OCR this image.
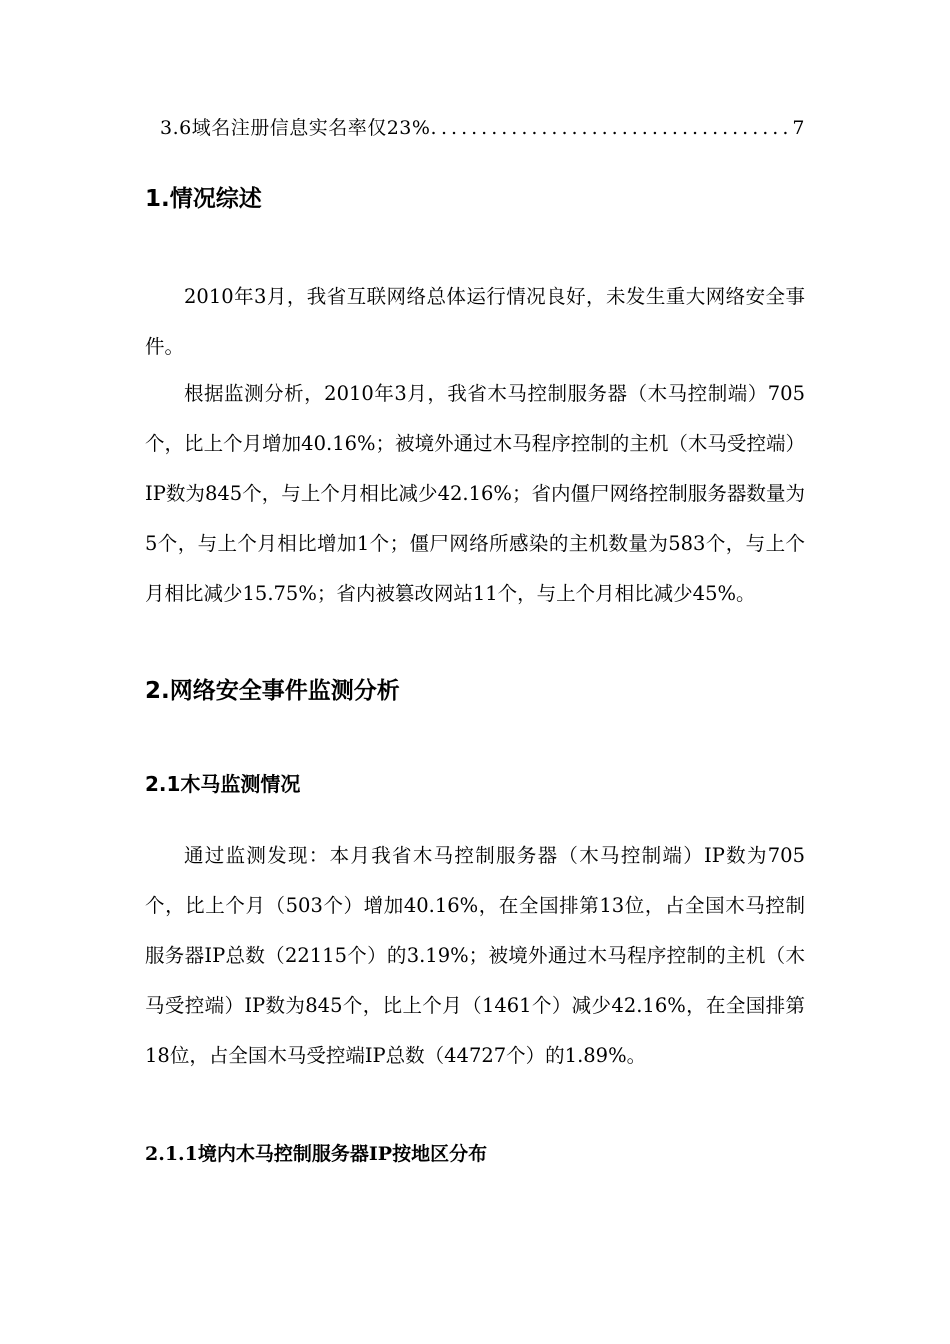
3.6域名注册信息实名率仅23%.
.....	7
1.情况综述

2010年3月，我省互联网络总体运行情况良好，未发生重大网络安全事件。

根据监测分析，2010年3月，我省木马控制服务器（木马控制端）705个，比上个月增加40.16%；被境外通过木马程序控制的主机（木马受控端）IP数为845个，与上个月相比减少42.16%；省内僵尸网络控制服务器数量为5个，与上个月相比增加1个；僵尸网络所感染的主机数量为583个，与上个月相比减少15.75%；省内被篡改网站11个，与上个月相比减少45%。

2.网络安全事件监测分析
2.1木马监测情况

通过监测发现：本月我省木马控制服务器（木马控制端）IP数为705个，比上个月（503个）增加40.16%，在全国排第13位，占全国木马控制服务器IP总数（22115个）的3.19%；被境外通过木马程序控制的主机（木马受控端）IP数为845个，比上个月（1461个）减少42.16%，在全国排第18位，占全国木马受控端IP总数（44727个）的1.89%。

2.1.1境内木马控制服务器IP按地区分布
